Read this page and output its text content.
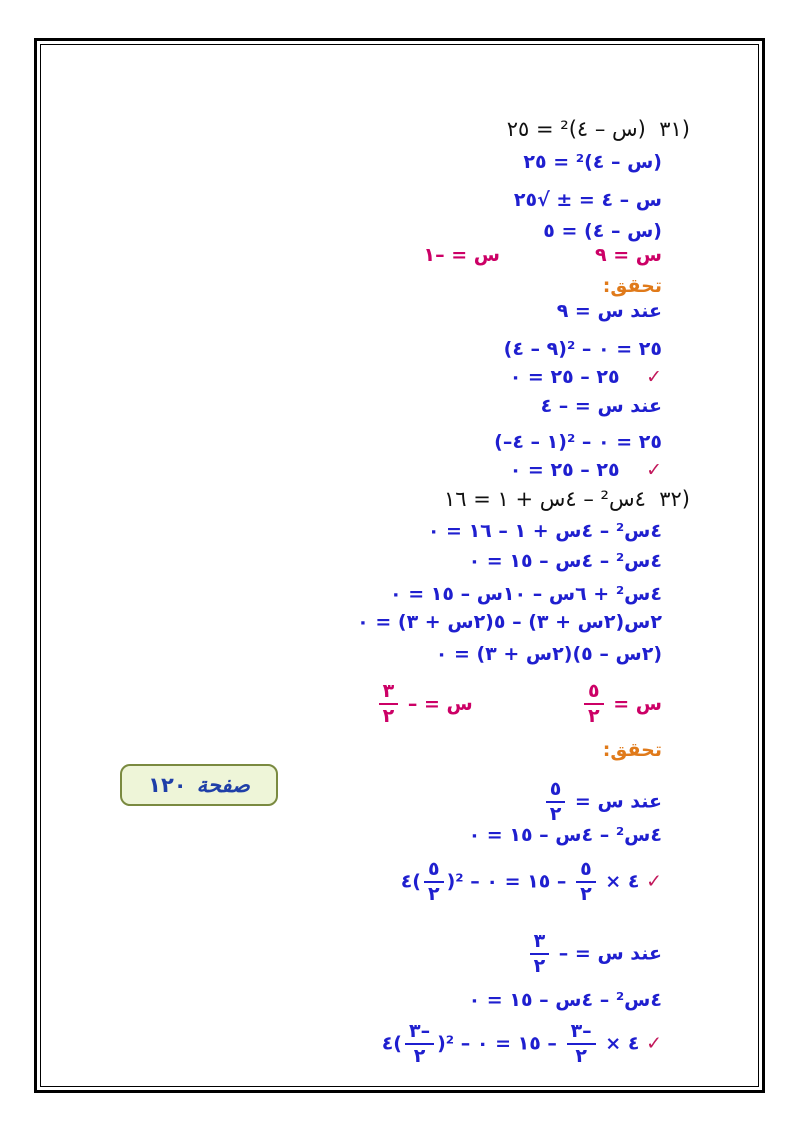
(٣١  (س – ٤)² = ٢٥
(س – ٤)² = ٢٥
س – ٤ = ± √٢٥
(س – ٤) = ٥
س = ٩س = –١
تحقق:
عند س = ٩
(٩ – ٤)² – ٢٥ = ٠
٢٥ – ٢٥ = ٠ ✓
عند س = – ٤
(–١ – ٤)² – ٢٥ = ٠
٢٥ – ٢٥ = ٠ ✓
(٣٢  ٤س² – ٤س + ١ = ١٦
٤س² – ٤س + ١ – ١٦ = ٠
٤س² – ٤س – ١٥ = ٠
٤س² + ٦س – ١٠س – ١٥ = ٠
٢س(٢س + ٣) – ٥(٢س + ٣) = ٠
(٢س – ٥)(٢س + ٣) = ٠
س =
$\frac{٥}{٢}$
س = –
$\frac{٣}{٢}$
تحقق:
عند س =
$\frac{٥}{٢}$
٤س² – ٤س – ١٥ = ٠
٤( $\frac{٥}{٢} )^2$ – ٤ ×
$\frac{٥}{٢}$
– ١٥ = ٠	✓
عند س = –
$\frac{٣}{٢}$
٤س² – ٤س – ١٥ = ٠
٤( $\frac{-٣}{٢} )^2$ – ٤ ×
$\frac{-٣}{٢}$
– ١٥ = ٠	✓
صفحة
١٢٠
